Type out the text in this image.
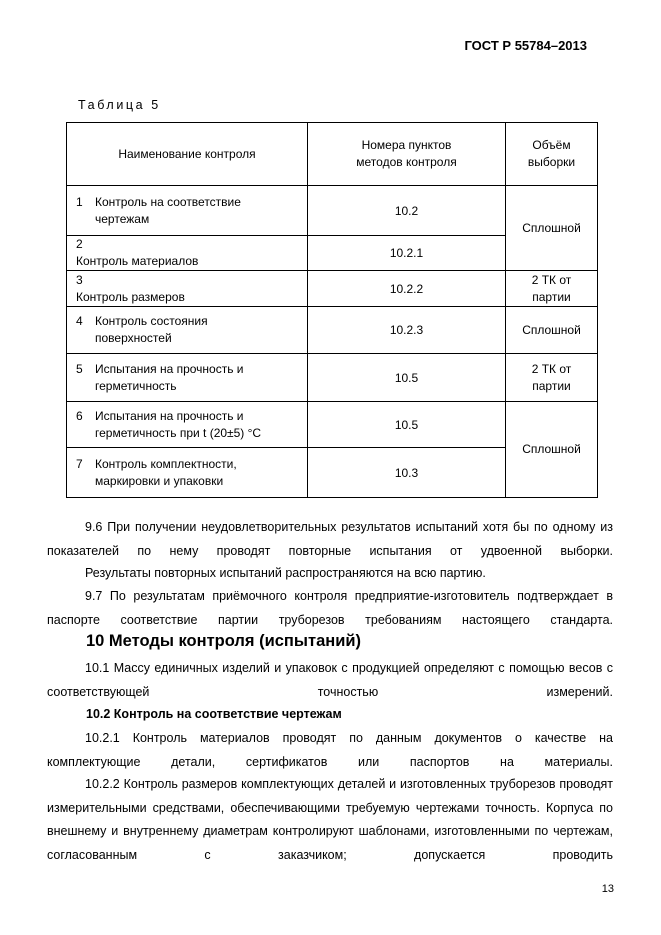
ГОСТ Р 55784–2013
Таблица 5
Наименование контроля	Номера пунктов методов контроля	Объём выборки
1 Контроль на соответствие чертежам	10.2	Сплошной
2Контроль материалов	10.2.1	
3Контроль размеров	10.2.2	2 ТК от партии
4 Контроль состояния поверхностей	10.2.3	Сплошной
5 Испытания на прочность и герметичность	10.5	2 ТК от партии
6 Испытания на прочность и герметичность при t (20±5) °С	10.5	Сплошной
7 Контроль комплектности, маркировки и упаковки	10.3	
9.6 При получении неудовлетворительных результатов испытаний хотя бы по одному из показателей по нему проводят повторные испытания от удвоенной выборки.
Результаты повторных испытаний распространяются на всю партию.
9.7 По результатам приёмочного контроля предприятие-изготовитель подтверждает в паспорте соответствие партии труборезов требованиям настоящего стандарта.
10 Методы контроля (испытаний)
10.1 Массу единичных изделий и упаковок с продукцией определяют с помощью весов с соответствующей точностью измерений.
10.2 Контроль на соответствие чертежам
10.2.1 Контроль материалов проводят по данным документов о качестве на комплектующие детали, сертификатов или паспортов на материалы.
10.2.2 Контроль размеров комплектующих деталей и изготовленных труборезов проводят измерительными средствами, обеспечивающими требуемую чертежами точность. Корпуса по внешнему и внутреннему диаметрам контролируют шаблонами, изготовленными по чертежам, согласованным с заказчиком; допускается проводить
13
